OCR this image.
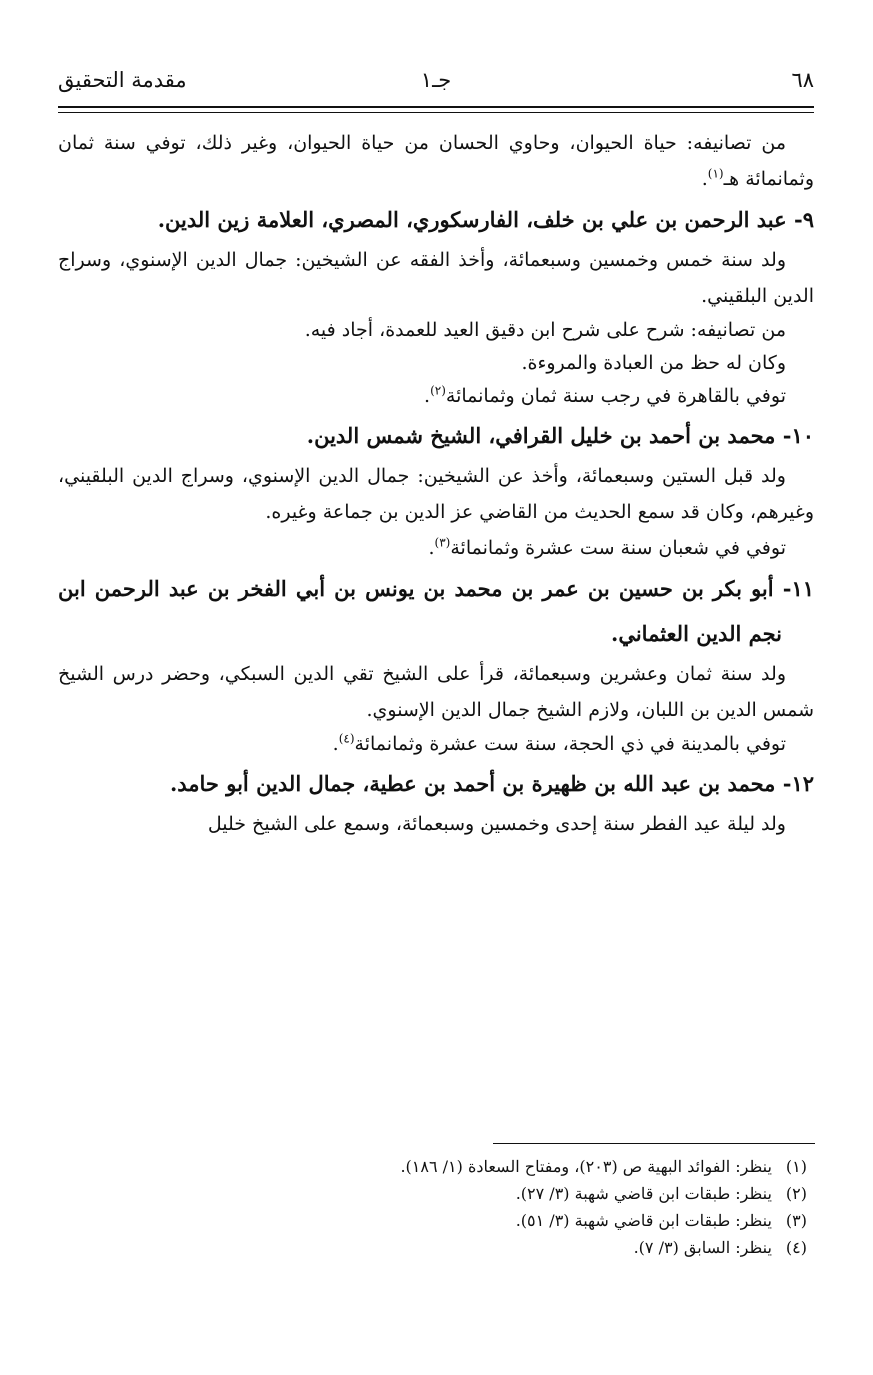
٦٨
جـ١
مقدمة التحقيق

من تصانيفه: حياة الحيوان، وحاوي الحسان من حياة الحيوان، وغير ذلك، توفي سنة ثمان وثمانمائة هـ$^{(١)}$.

٩- عبد الرحمن بن علي بن خلف، الفارسكوري، المصري، العلامة زين الدين.

ولد سنة خمس وخمسين وسبعمائة، وأخذ الفقه عن الشيخين: جمال الدين الإسنوي، وسراج الدين البلقيني.

من تصانيفه: شرح على شرح ابن دقيق العيد للعمدة، أجاد فيه.

وكان له حظ من العبادة والمروءة.

توفي بالقاهرة في رجب سنة ثمان وثمانمائة$^{(٢)}$.

١٠- محمد بن أحمد بن خليل القرافي، الشيخ شمس الدين.

ولد قبل الستين وسبعمائة، وأخذ عن الشيخين: جمال الدين الإسنوي، وسراج الدين البلقيني، وغيرهم، وكان قد سمع الحديث من القاضي عز الدين بن جماعة وغيره.

توفي في شعبان سنة ست عشرة وثمانمائة$^{(٣)}$.

١١- أبو بكر بن حسين بن عمر بن محمد بن يونس بن أبي الفخر بن عبد الرحمن ابن نجم الدين العثماني.

ولد سنة ثمان وعشرين وسبعمائة، قرأ على الشيخ تقي الدين السبكي، وحضر درس الشيخ شمس الدين بن اللبان، ولازم الشيخ جمال الدين الإسنوي.

توفي بالمدينة في ذي الحجة، سنة ست عشرة وثمانمائة$^{(٤)}$.

١٢- محمد بن عبد الله بن ظهيرة بن أحمد بن عطية، جمال الدين أبو حامد.

ولد ليلة عيد الفطر سنة إحدى وخمسين وسبعمائة، وسمع على الشيخ خليل

(١) ينظر: الفوائد البهية ص (٢٠٣)، ومفتاح السعادة (١/ ١٨٦).

(٢) ينظر: طبقات ابن قاضي شهبة (٣/ ٢٧).

(٣) ينظر: طبقات ابن قاضي شهبة (٣/ ٥١).

(٤) ينظر: السابق (٣/ ٧).
